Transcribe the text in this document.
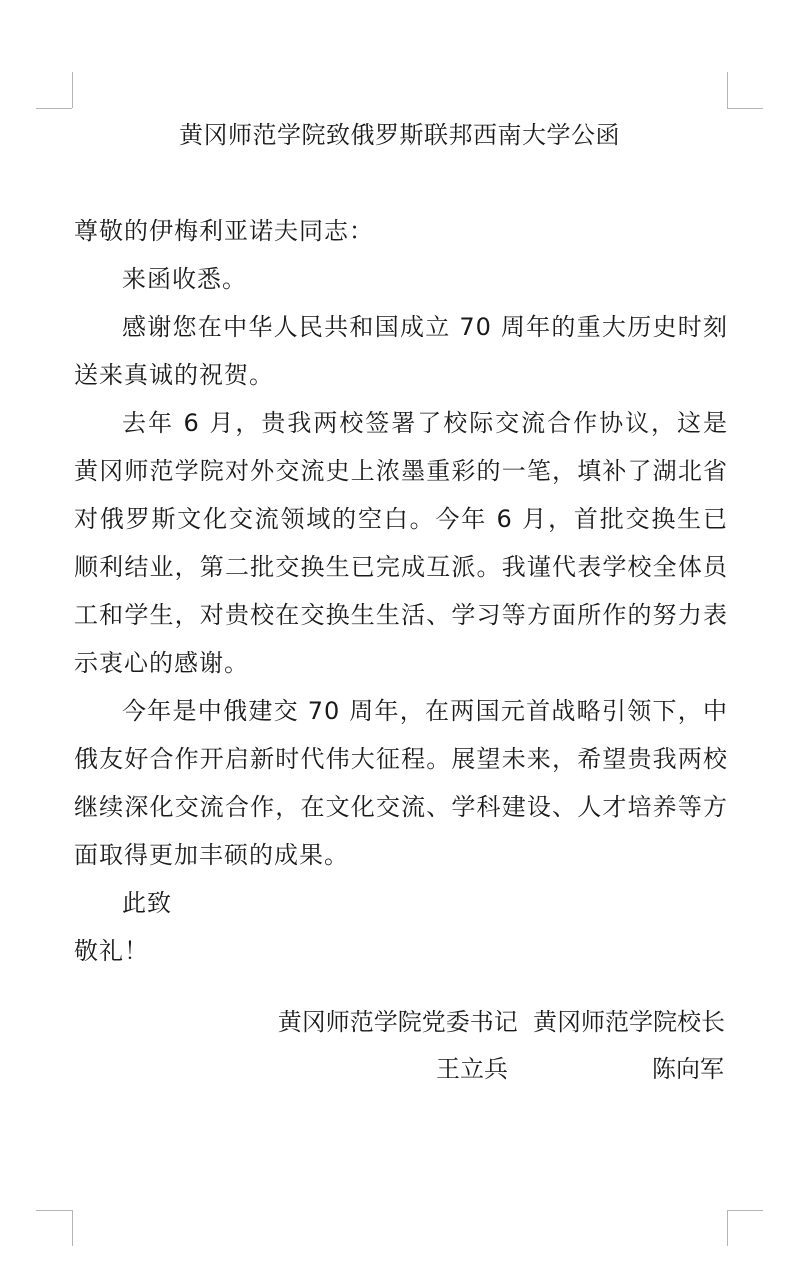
黄冈师范学院致俄罗斯联邦西南大学公函

尊敬的伊梅利亚诺夫同志：

来函收悉。

感谢您在中华人民共和国成立 70 周年的重大历史时刻送来真诚的祝贺。

去年 6 月，贵我两校签署了校际交流合作协议，这是黄冈师范学院对外交流史上浓墨重彩的一笔，填补了湖北省对俄罗斯文化交流领域的空白。今年 6 月，首批交换生已顺利结业，第二批交换生已完成互派。我谨代表学校全体员工和学生，对贵校在交换生生活、学习等方面所作的努力表示衷心的感谢。

今年是中俄建交 70 周年，在两国元首战略引领下，中俄友好合作开启新时代伟大征程。展望未来，希望贵我两校继续深化交流合作，在文化交流、学科建设、人才培养等方面取得更加丰硕的成果。

此致

敬礼！

黄冈师范学院党委书记  黄冈师范学院校长
王立兵	陈向军
